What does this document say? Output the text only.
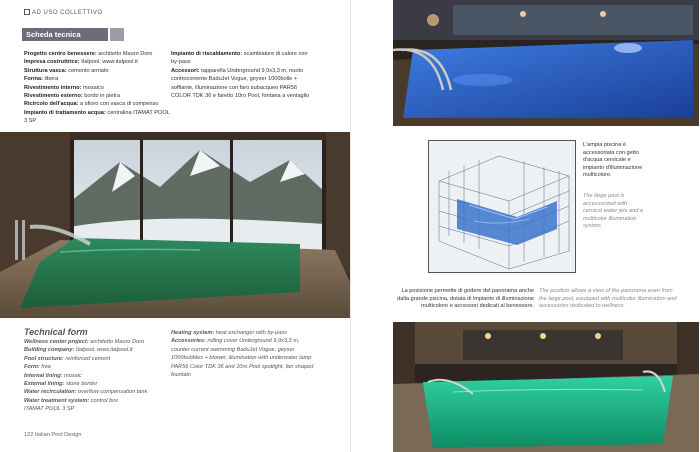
AD USO COLLETTIVO
Scheda tecnica
Progetto centro benessere: architetto Mauro Doro
Impresa costruttrice: Italpool, www.italpool.it
Struttura vasca: cemento armato
Forma: libera
Rivestimento interno: mosaico
Rivestimento esterno: bordo in pietra
Ricircolo dell'acqua: a sfioro con vasca di compenso
Impianto di trattamento acqua: centralina ITAMAT POOL 3 SP
Impianto di riscaldamento: scambiatore di calore con by-pass
Accessori: tapparella Underground 9,9x3,3 m, nuoto controcorrente BaduJet Vogue, geyser 1000bolle + soffiante, illuminazione con faro subacqueo PAR56 COLOR TDK 36 e faretto 10ro Pool, fontana a ventaglio
Technical form
Wellness center project: architetto Mauro Doro
Building company: Italpool, www.italpool.it
Pool structure: reinforced cement
Form: free
Internal lining: mosaic
External lining: stone border
Water recirculation: overflow compensation tank
Water treatment system: control box
ITAMAT POOL 3 SP
Heating system: heat exchanger with by-pass
Accessories: rolling cover Underground 9,9x3,3 m, counter current swimming BaduJet Vogue, geyser 1000bubbles + blower, illumination with underwater lamp PAR56 Color TDK 36 and 10ro Pool spotlight, fan shaped fountain
122 Italian Pool Design
L'ampia piscina è accessoriata con getto d'acqua cervicale e impianto d'illuminazione multicolore.
The large pool is accessorized with cervical water jets and a multicolor illumination system.
La posizione permette di godere del panorama anche dalla grande piscina, dotata di impianto di illuminazione multicolore e accessori dedicati al benessere.
The position allows a view of the panorama even from the large pool, equipped with multicolor illumination and accessories dedicated to wellness.
